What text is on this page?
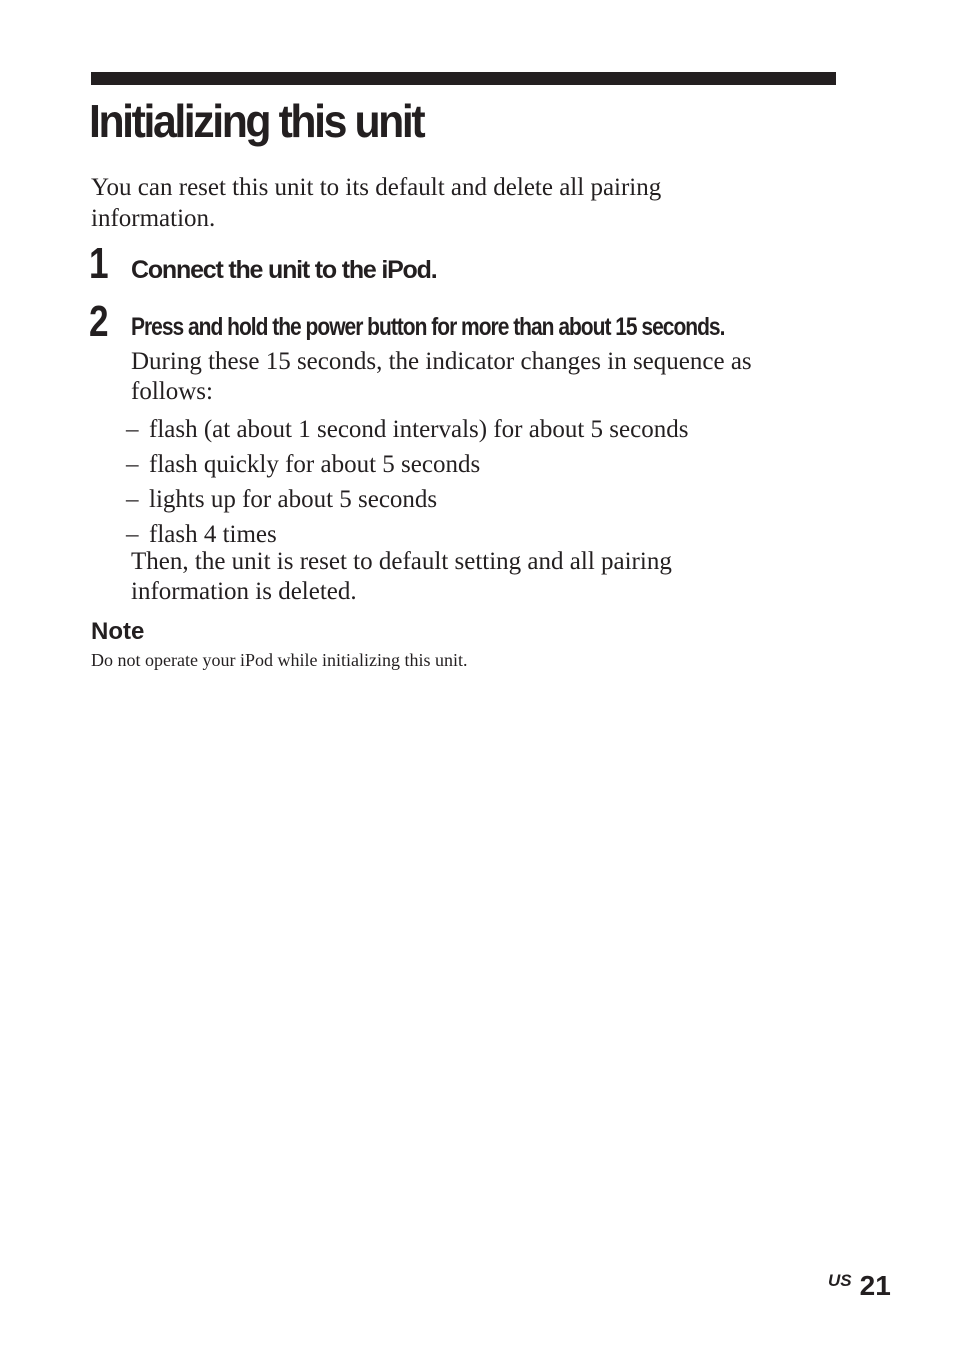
Initializing this unit

You can reset this unit to its default and delete all pairing information.

1 Connect the unit to the iPod.
2 Press and hold the power button for more than about 15 seconds.

During these 15 seconds, the indicator changes in sequence as follows:

– flash (at about 1 second intervals) for about 5 seconds
– flash quickly for about 5 seconds
– lights up for about 5 seconds
– flash 4 times

Then, the unit is reset to default setting and all pairing information is deleted.

Note

Do not operate your iPod while initializing this unit.

US 21
